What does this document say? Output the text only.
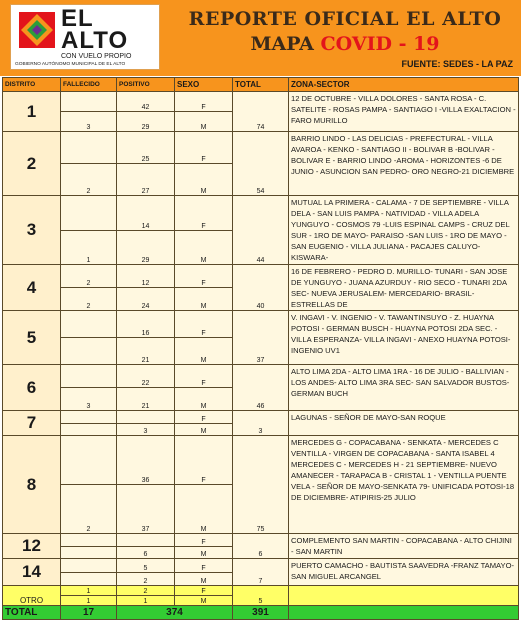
EL
ALTO
CON VUELO PROPIO
GOBIERNO AUTÓNOMO MUNICIPAL DE EL ALTO
REPORTE OFICIAL EL ALTO
MAPA COVID - 19
FUENTE: SEDES - LA PAZ
DISTRITO	FALLECIDO	POSITIVO	SEXO	TOTAL	ZONA-SECTOR
1		42	F	74	12 DE OCTUBRE - VILLA DOLORES - SANTA ROSA - C. SATELITE - ROSAS PAMPA - SANTIAGO I -VILLA EXALTACION -FARO MURILLO
	3	29	M		
2		25	F	54	BARRIO LINDO - LAS DELICIAS - PREFECTURAL - VILLA AVAROA - KENKO - SANTIAGO II - BOLIVAR B -BOLIVAR - BOLIVAR E - BARRIO LINDO -AROMA - HORIZONTES -6 DE JUNIO - ASUNCION SAN PEDRO- ORO NEGRO-21 DICIEMBRE
	2	27	M		
3		14	F	44	MUTUAL LA PRIMERA - CALAMA - 7 DE SEPTIEMBRE - VILLA DELA - SAN LUIS PAMPA - NATIVIDAD - VILLA ADELA YUNGUYO - COSMOS 79 -LUIS ESPINAL CAMPS - CRUZ DEL SUR - 1RO DE MAYO- PARAISO -SAN LUIS - 1RO DE MAYO - SAN EUGENIO - VILLA JULIANA - PACAJES CALUYO-KISWARA-
	1	29	M		
4	2	12	F	40	16 DE FEBRERO - PEDRO D. MURILLO- TUNARI - SAN JOSE DE YUNGUYO - JUANA AZURDUY - RIO SECO - TUNARI 2DA SEC- NUEVA JERUSALEM- MERCEDARIO- BRASIL- ESTRELLAS DE
	2	24	M		
5		16	F	37	V. INGAVI - V. INGENIO - V. TAWANTINSUYO - Z. HUAYNA POTOSI - GERMAN BUSCH - HUAYNA POTOSI 2DA SEC. - VILLA ESPERANZA- VILLA INGAVI - ANEXO HUAYNA POTOSI- INGENIO UV1
		21	M		
6		22	F	46	ALTO LIMA 2DA - ALTO LIMA 1RA - 16 DE JULIO - BALLIVIAN - LOS ANDES- ALTO LIMA 3RA SEC- SAN SALVADOR BUSTOS-GERMAN BUCH
	3	21	M		
7			F	3	LAGUNAS - SEÑOR DE MAYO-SAN ROQUE
		3	M		
8		36	F	75	MERCEDES G - COPACABANA - SENKATA - MERCEDES C VENTILLA - VIRGEN DE COPACABANA - SANTA ISABEL 4 MERCEDES C - MERCEDES H - 21 SEPTIEMBRE- NUEVO AMANECER - TARAPACA B - CRISTAL 1 - VENTILLA PUENTE VELA - SEÑOR DE MAYO-SENKATA 79- UNIFICADA POTOSI-18 DE DICIEMBRE- ATIPIRIS-25 JULIO
	2	37	M		
12			F	6	COMPLEMENTO SAN MARTIN - COPACABANA - ALTO CHIJINI - SAN MARTIN
		6	M		
14		5	F	7	PUERTO CAMACHO - BAUTISTA SAAVEDRA -FRANZ TAMAYO-SAN MIGUEL ARCANGEL
		2	M		
OTRO	1	2	F	5	
	1	1	M		
TOTAL	17	374		391	
